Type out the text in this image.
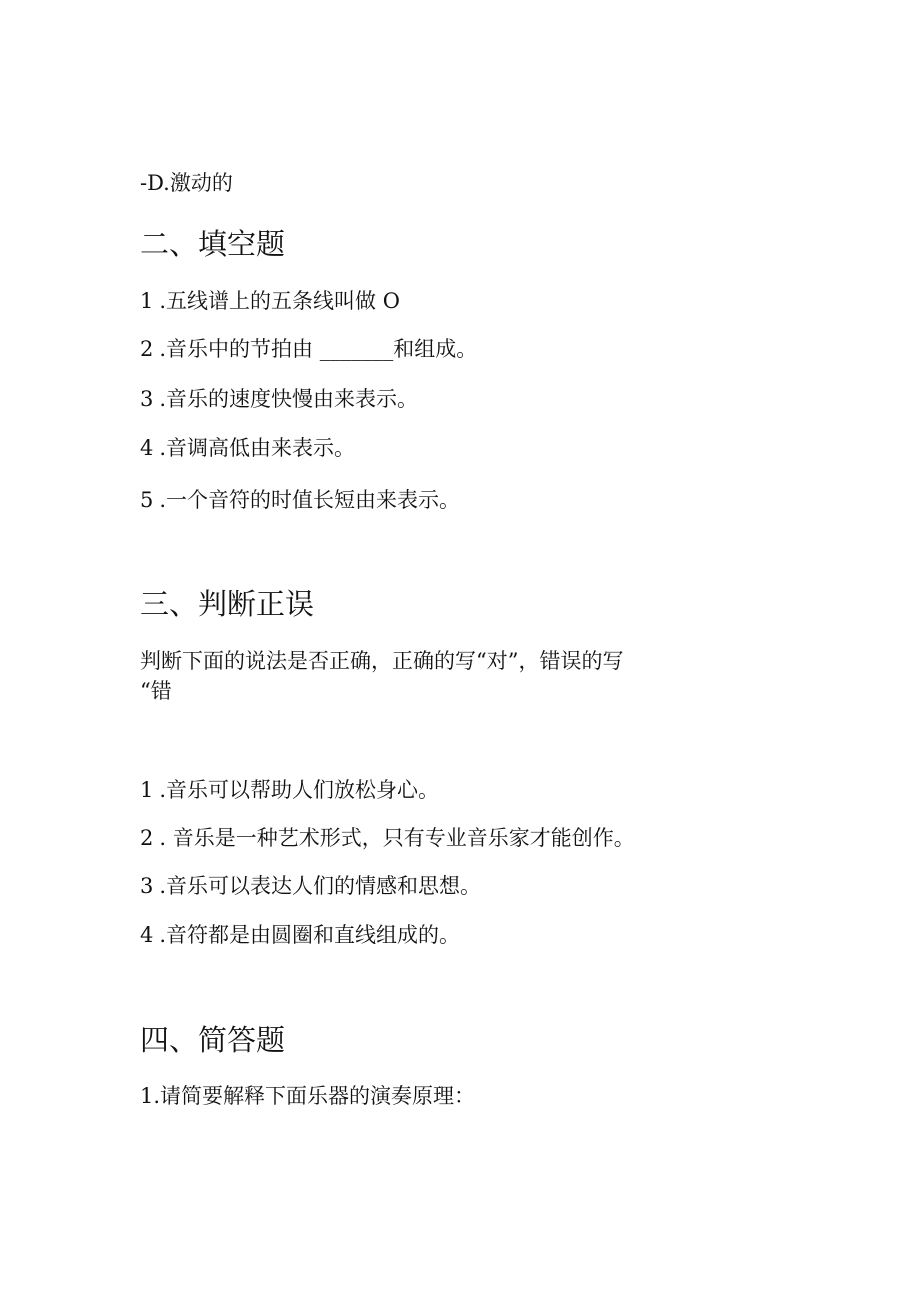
-D.激动的
二、填空题
1 .五线谱上的五条线叫做 O
2 .音乐中的节拍由 _______和组成。
3 .音乐的速度快慢由来表示。
4 .音调高低由来表示。
5 .一个音符的时值长短由来表示。
三、判断正误
判断下面的说法是否正确，正确的写“对”，错误的写
“错
1 .音乐可以帮助人们放松身心。
2 . 音乐是一种艺术形式，只有专业音乐家才能创作。
3 .音乐可以表达人们的情感和思想。
4 .音符都是由圆圈和直线组成的。
四、简答题
1.请简要解释下面乐器的演奏原理：
